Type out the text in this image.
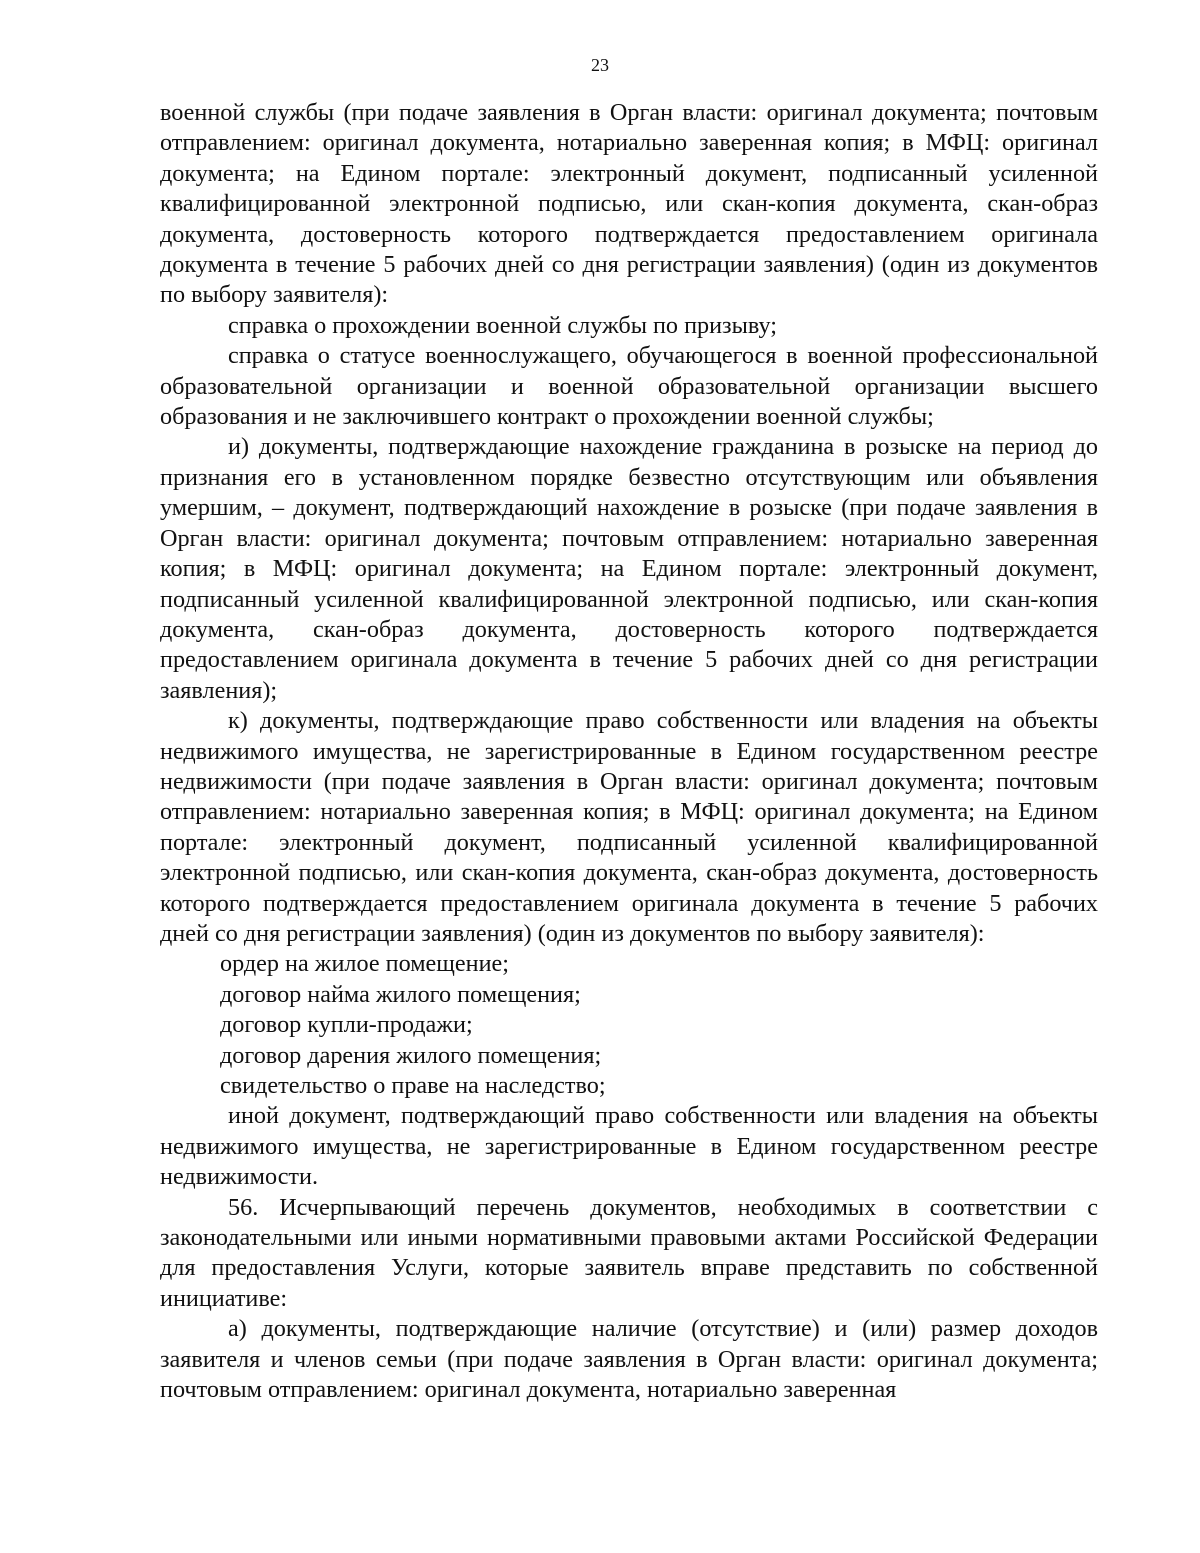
23

военной службы (при подаче заявления в Орган власти: оригинал документа; почтовым отправлением: оригинал документа, нотариально заверенная копия; в МФЦ: оригинал документа; на Едином портале: электронный документ, подписанный усиленной квалифицированной электронной подписью, или скан-копия документа, скан-образ документа, достоверность которого подтверждается предоставлением оригинала документа в течение 5 рабочих дней со дня регистрации заявления) (один из документов по выбору заявителя):

справка о прохождении военной службы по призыву;

справка о статусе военнослужащего, обучающегося в военной профессиональной образовательной организации и военной образовательной организации высшего образования и не заключившего контракт о прохождении военной службы;

и) документы, подтверждающие нахождение гражданина в розыске на период до признания его в установленном порядке безвестно отсутствующим или объявления умершим, – документ, подтверждающий нахождение в розыске (при подаче заявления в Орган власти: оригинал документа; почтовым отправлением: нотариально заверенная копия; в МФЦ: оригинал документа; на Едином портале: электронный документ, подписанный усиленной квалифицированной электронной подписью, или скан-копия документа, скан-образ документа, достоверность которого подтверждается предоставлением оригинала документа в течение 5 рабочих дней со дня регистрации заявления);

к) документы, подтверждающие право собственности или владения на объекты недвижимого имущества, не зарегистрированные в Едином государственном реестре недвижимости (при подаче заявления в Орган власти: оригинал документа; почтовым отправлением: нотариально заверенная копия; в МФЦ: оригинал документа; на Едином портале: электронный документ, подписанный усиленной квалифицированной электронной подписью, или скан-копия документа, скан-образ документа, достоверность которого подтверждается предоставлением оригинала документа в течение 5 рабочих дней со дня регистрации заявления) (один из документов по выбору заявителя):

ордер на жилое помещение;

договор найма жилого помещения;

договор купли-продажи;

договор дарения жилого помещения;

свидетельство о праве на наследство;

иной документ, подтверждающий право собственности или владения на объекты недвижимого имущества, не зарегистрированные в Едином государственном реестре недвижимости.

56. Исчерпывающий перечень документов, необходимых в соответствии с законодательными или иными нормативными правовыми актами Российской Федерации для предоставления Услуги, которые заявитель вправе представить по собственной инициативе:

а) документы, подтверждающие наличие (отсутствие) и (или) размер доходов заявителя и членов семьи (при подаче заявления в Орган власти: оригинал документа; почтовым отправлением: оригинал документа, нотариально заверенная
